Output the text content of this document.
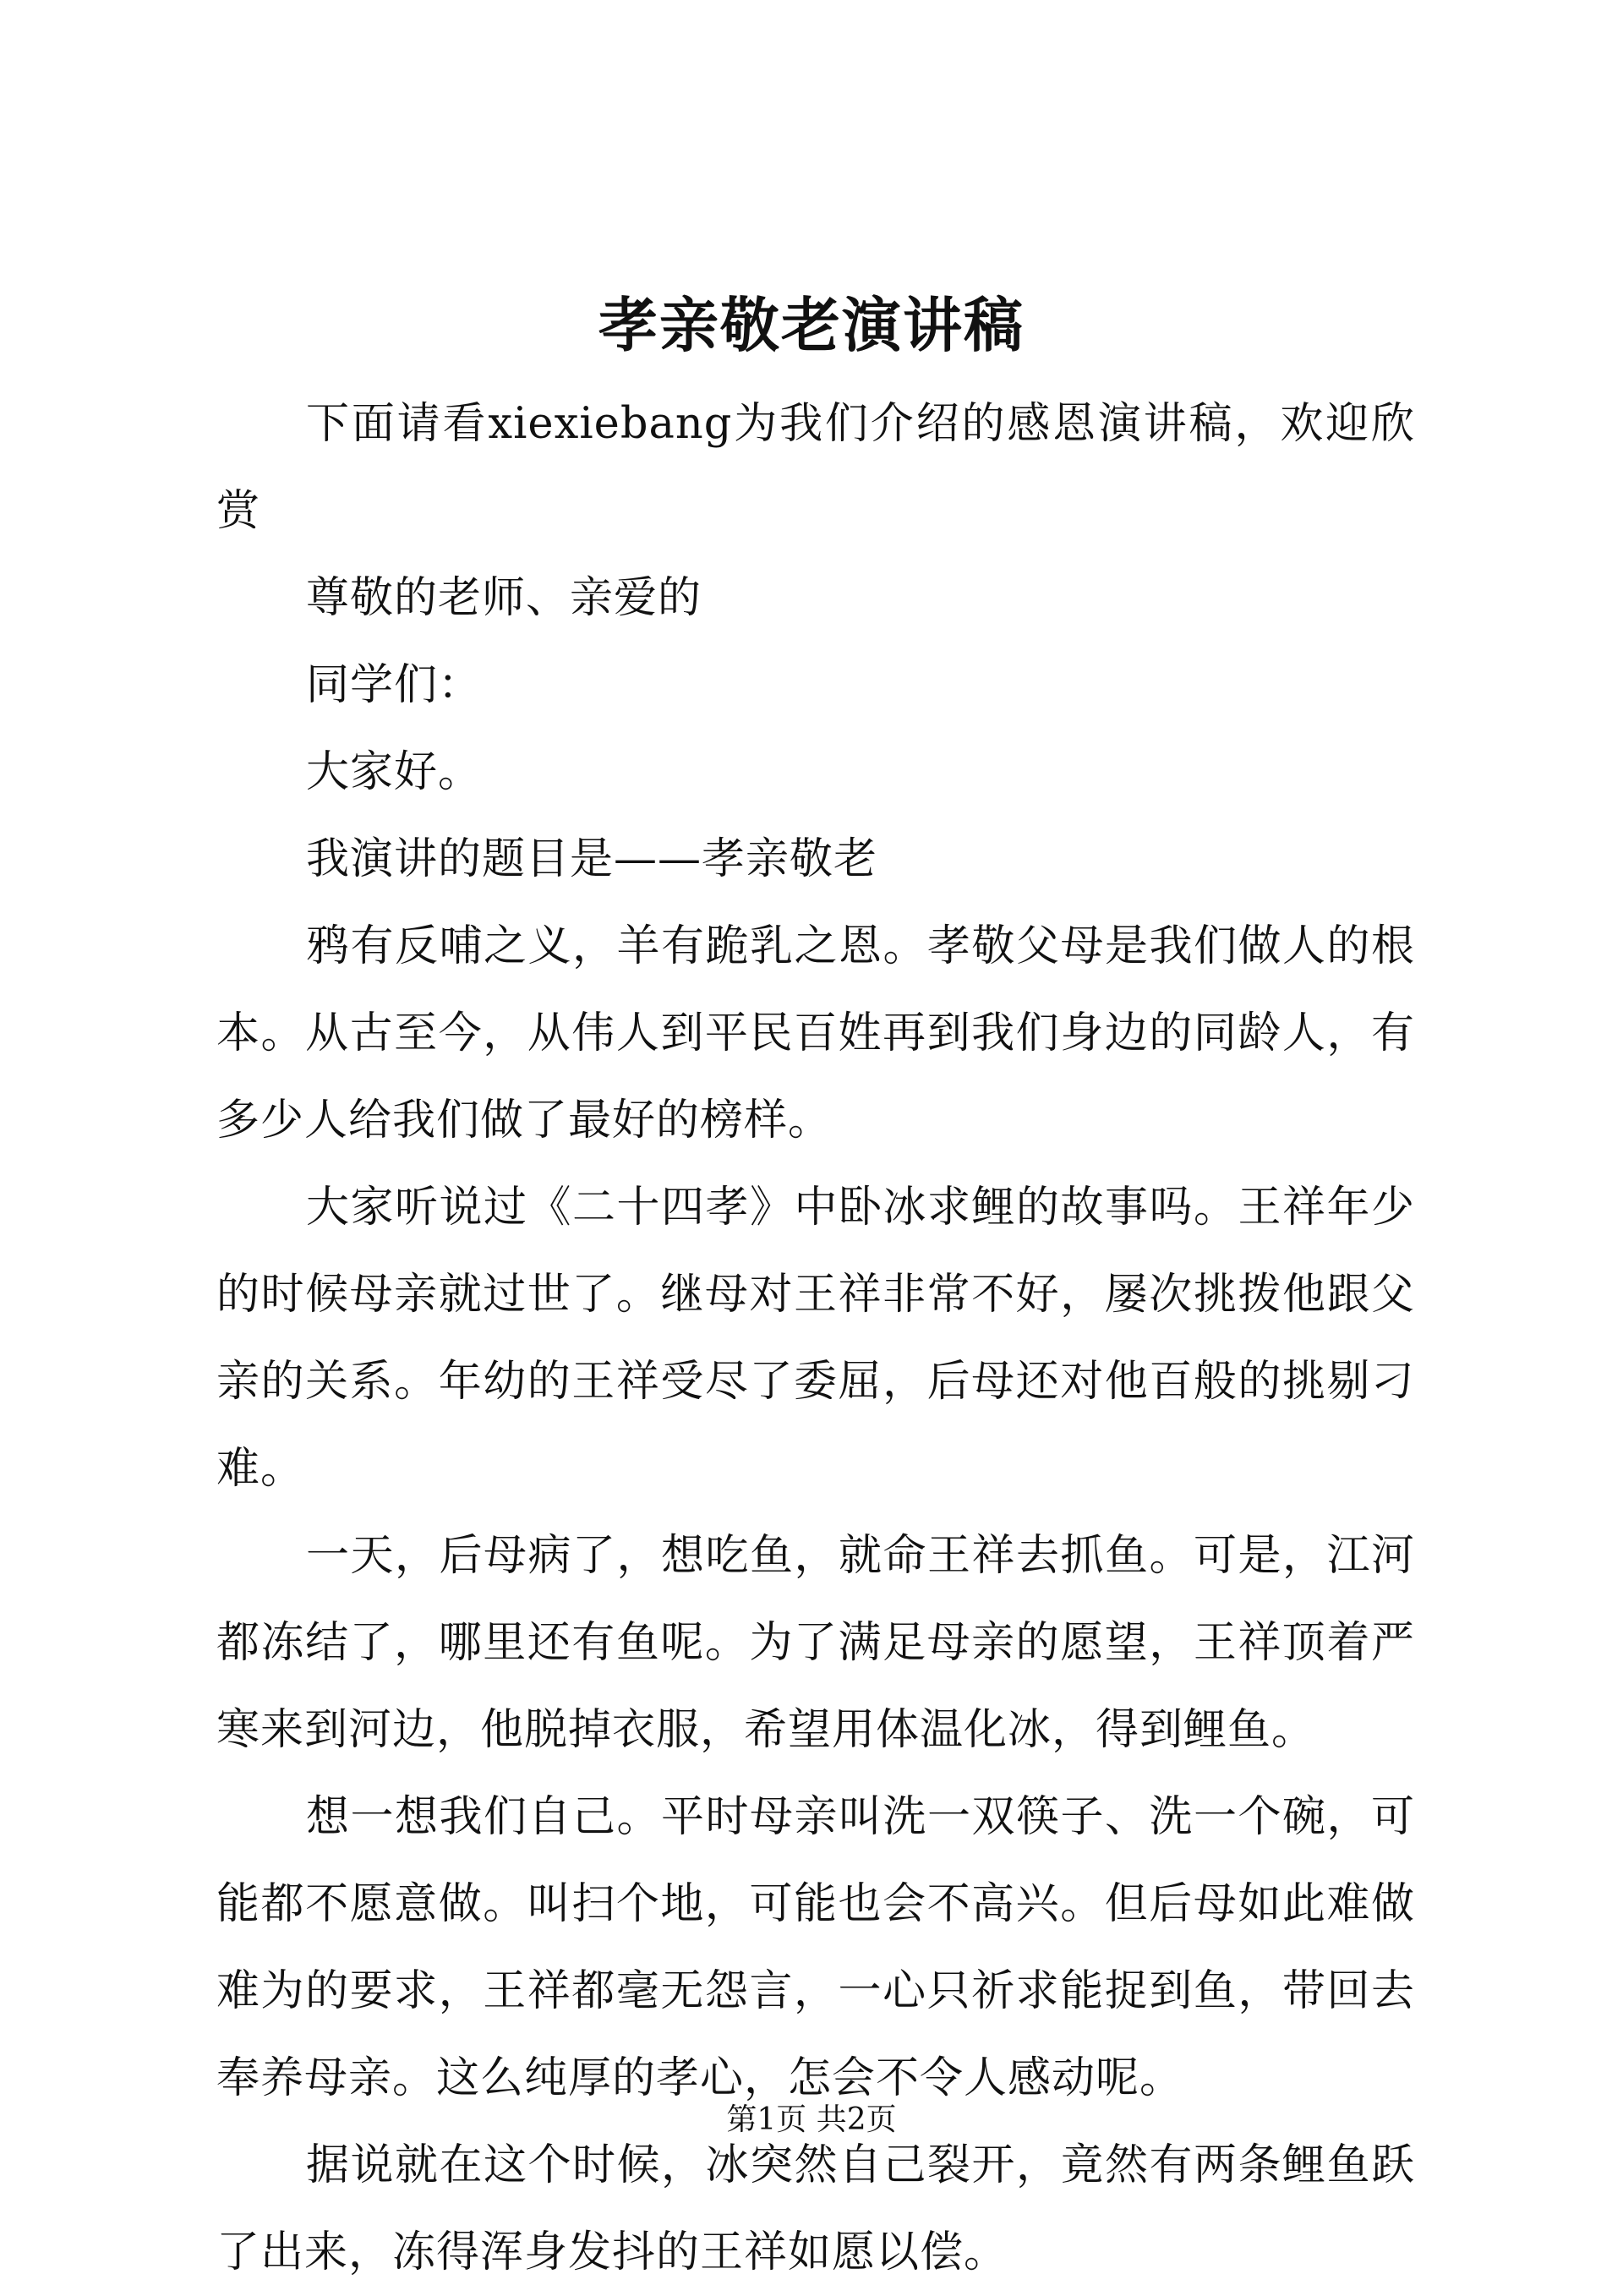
孝亲敬老演讲稿

下面请看xiexiebang为我们介绍的感恩演讲稿，欢迎欣赏

尊敬的老师、亲爱的

同学们：

大家好。

我演讲的题目是——孝亲敬老

鸦有反哺之义，羊有跪乳之恩。孝敬父母是我们做人的根本。从古至今，从伟人到平民百姓再到我们身边的同龄人，有多少人给我们做了最好的榜样。

大家听说过《二十四孝》中卧冰求鲤的故事吗。王祥年少的时候母亲就过世了。继母对王祥非常不好，屡次挑拨他跟父亲的关系。年幼的王祥受尽了委屈，后母还对他百般的挑剔刁难。

一天，后母病了，想吃鱼，就命王祥去抓鱼。可是，江河都冻结了，哪里还有鱼呢。为了满足母亲的愿望，王祥顶着严寒来到河边，他脱掉衣服，希望用体温化冰，得到鲤鱼。

想一想我们自己。平时母亲叫洗一双筷子、洗一个碗，可能都不愿意做。叫扫个地，可能也会不高兴。但后母如此难做难为的要求，王祥都毫无怨言，一心只祈求能捉到鱼，带回去奉养母亲。这么纯厚的孝心，怎会不令人感动呢。

据说就在这个时候，冰突然自己裂开，竟然有两条鲤鱼跃了出来，冻得浑身发抖的王祥如愿以偿。

第1页 共2页
